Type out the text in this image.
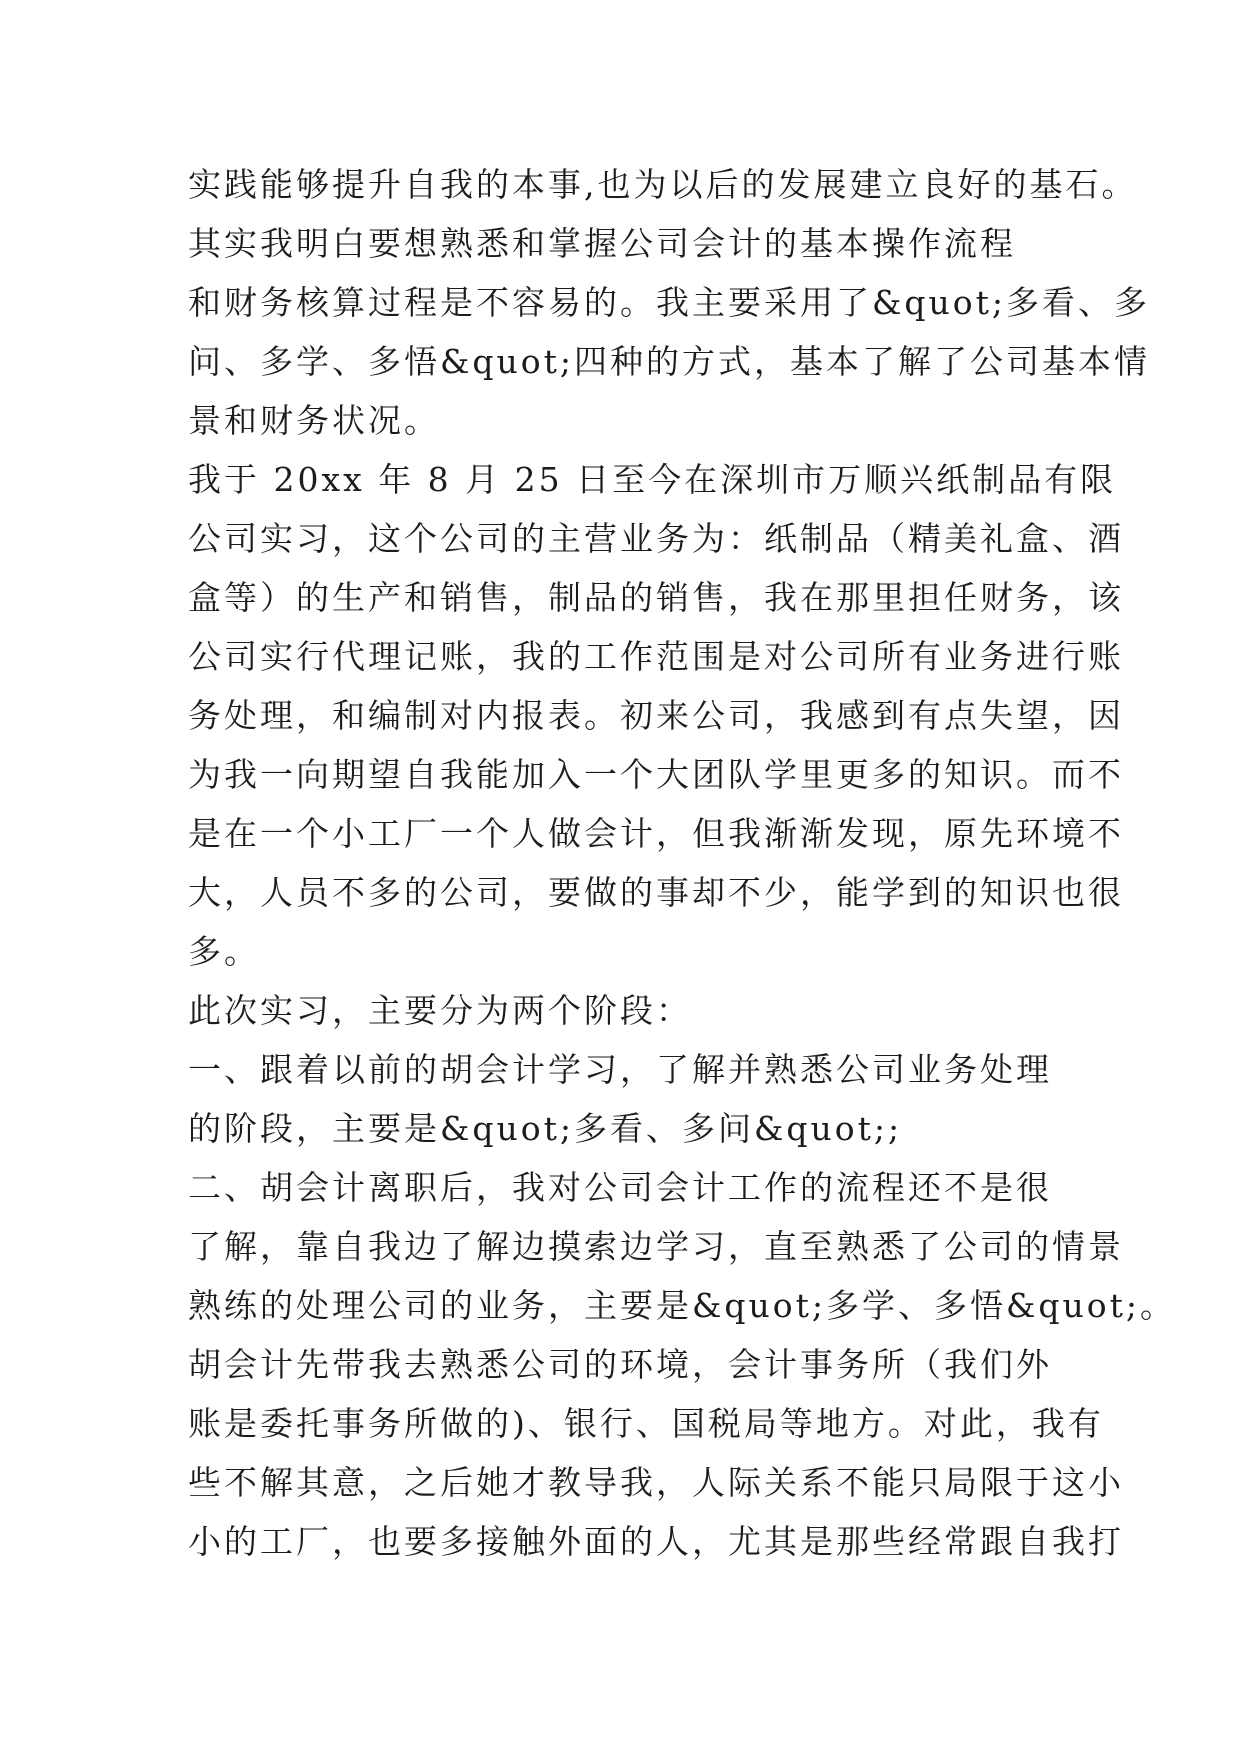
实践能够提升自我的本事,也为以后的发展建立良好的基石。
其实我明白要想熟悉和掌握公司会计的基本操作流程
和财务核算过程是不容易的。我主要采用了&quot;多看、多
问、多学、多悟&quot;四种的方式，基本了解了公司基本情
景和财务状况。
我于 20xx 年 8 月 25 日至今在深圳市万顺兴纸制品有限
公司实习，这个公司的主营业务为：纸制品（精美礼盒、酒
盒等）的生产和销售，制品的销售，我在那里担任财务，该
公司实行代理记账，我的工作范围是对公司所有业务进行账
务处理，和编制对内报表。初来公司，我感到有点失望，因
为我一向期望自我能加入一个大团队学里更多的知识。而不
是在一个小工厂一个人做会计，但我渐渐发现，原先环境不
大，人员不多的公司，要做的事却不少，能学到的知识也很
多。
此次实习，主要分为两个阶段：
一、跟着以前的胡会计学习，了解并熟悉公司业务处理
的阶段，主要是&quot;多看、多问&quot;;
二、胡会计离职后，我对公司会计工作的流程还不是很
了解，靠自我边了解边摸索边学习，直至熟悉了公司的情景
熟练的处理公司的业务，主要是&quot;多学、多悟&quot;。
胡会计先带我去熟悉公司的环境，会计事务所（我们外
账是委托事务所做的)、银行、国税局等地方。对此，我有
些不解其意，之后她才教导我，人际关系不能只局限于这小
小的工厂，也要多接触外面的人，尤其是那些经常跟自我打
